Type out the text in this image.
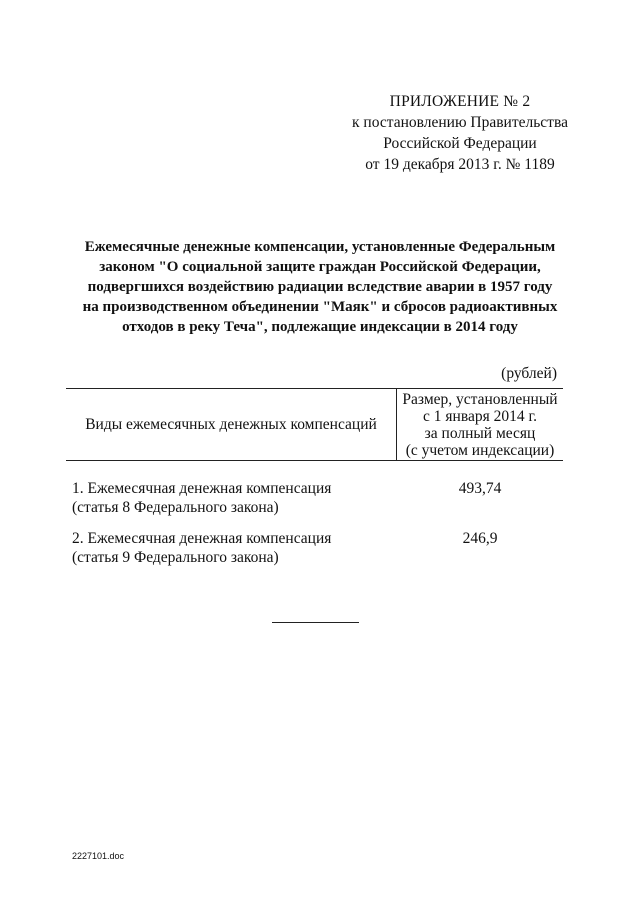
ПРИЛОЖЕНИЕ № 2
к постановлению Правительства
Российской Федерации
от 19 декабря 2013 г. № 1189
Ежемесячные денежные компенсации, установленные Федеральным
законом "О социальной защите граждан Российской Федерации,
подвергшихся воздействию радиации вследствие аварии в 1957 году
на производственном объединении "Маяк" и сбросов радиоактивных
отходов в реку Теча", подлежащие индексации в 2014 году
(рублей)
Виды ежемесячных денежных компенсаций
Размер, установленный
с 1 января 2014 г.
за полный месяц
(с учетом индексации)
1. Ежемесячная денежная компенсация
(статья 8 Федерального закона)
493,74
2. Ежемесячная денежная компенсация
(статья 9 Федерального закона)
246,9
2227101.doc
